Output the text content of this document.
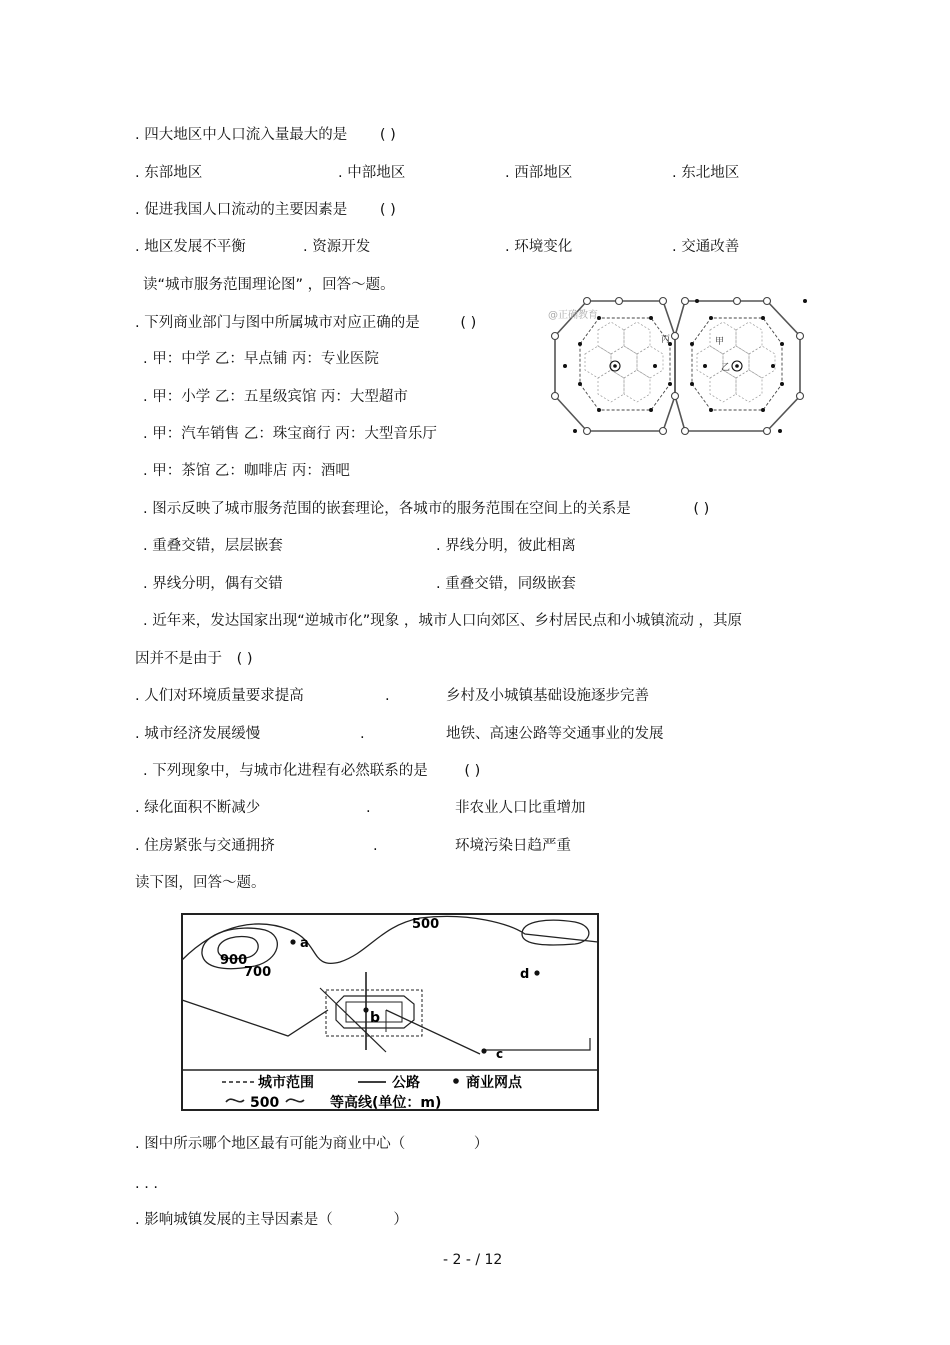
. 四大地区中人口流入量最大的是 ( )
. 东部地区	. 中部地区	. 西部地区	. 东北地区
. 促进我国人口流动的主要因素是 ( )
. 地区发展不平衡	. 资源开发	. 环境变化	. 交通改善
读“城市服务范围理论图” ，回答～题。
. 下列商业部门与图中所属城市对应正确的是	( )
. 甲：中学 乙：早点铺 丙：专业医院
. 甲：小学 乙：五星级宾馆 丙：大型超市
. 甲：汽车销售 乙：珠宝商行 丙：大型音乐厅
. 甲：茶馆 乙：咖啡店 丙：酒吧
@正确教育
丙	甲
乙
. 图示反映了城市服务范围的嵌套理论，各城市的服务范围在空间上的关系是	( )
. 重叠交错，层层嵌套	. 界线分明，彼此相离
. 界线分明，偶有交错	. 重叠交错，同级嵌套
. 近年来，发达国家出现“逆城市化”现象 ，城市人口向郊区、乡村居民点和小城镇流动 ，其原
因并不是由于 ( )
. 人们对环境质量要求提高	.	乡村及小城镇基础设施逐步完善
. 城市经济发展缓慢	.	地铁、高速公路等交通事业的发展
. 下列现象中，与城市化进程有必然联系的是	( )
. 绿化面积不断减少	.	非农业人口比重增加
. 住房紧张与交通拥挤	.	环境污染日趋严重
读下图，回答～题。
a
b
c
d
500
900
700
城市范围	公路	商业网点
500	等高线(单位：m)
. 图中所示哪个地区最有可能为商业中心（	）
. . .
. 影响城镇发展的主导因素是（	）
- 2 - / 12
